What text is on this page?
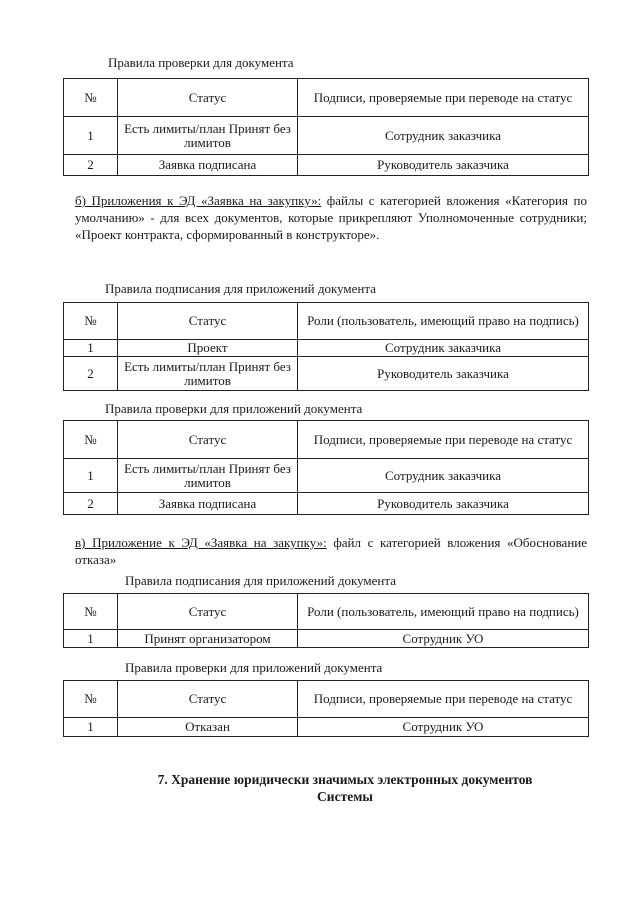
Правила проверки для документа
№	Статус	Подписи, проверяемые при переводе на статус
1	Есть лимиты/план Принят без лимитов	Сотрудник заказчика
2	Заявка подписана	Руководитель заказчика
б) Приложения к ЭД «Заявка на закупку»: файлы с категорией вложения «Категория по умолчанию» - для всех документов, которые прикрепляют Уполномоченные сотрудники; «Проект контракта, сформированный в конструкторе».
Правила подписания для приложений документа
№	Статус	Роли (пользователь, имеющий право на подпись)
1	Проект	Сотрудник заказчика
2	Есть лимиты/план Принят без лимитов	Руководитель заказчика
Правила проверки для приложений документа
№	Статус	Подписи, проверяемые при переводе на статус
1	Есть лимиты/план Принят без лимитов	Сотрудник заказчика
2	Заявка подписана	Руководитель заказчика
в) Приложение к ЭД «Заявка на закупку»: файл с категорией вложения «Обоснование отказа»
Правила подписания для приложений документа
№	Статус	Роли (пользователь, имеющий право на подпись)
1	Принят организатором	Сотрудник УО
Правила проверки для приложений документа
№	Статус	Подписи, проверяемые при переводе на статус
1	Отказан	Сотрудник УО
7. Хранение юридически значимых электронных документов Системы
